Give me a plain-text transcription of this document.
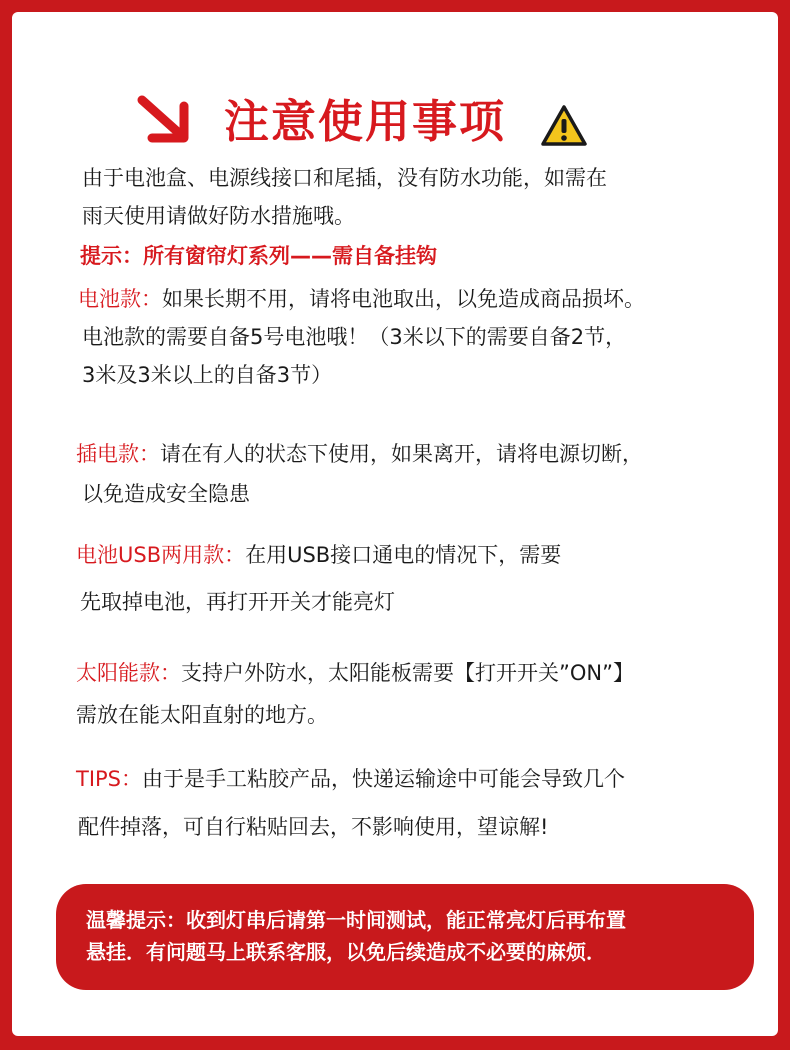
注意使用事项
由于电池盒、电源线接口和尾插，没有防水功能，如需在
雨天使用请做好防水措施哦。
提示：所有窗帘灯系列——需自备挂钩
电池款：如果长期不用，请将电池取出，以免造成商品损坏。
电池款的需要自备5号电池哦！（3米以下的需要自备2节，
3米及3米以上的自备3节）
插电款：请在有人的状态下使用，如果离开，请将电源切断，
以免造成安全隐患
电池USB两用款：在用USB接口通电的情况下，需要
先取掉电池，再打开开关才能亮灯
太阳能款：支持户外防水，太阳能板需要【打开开关”ON”】
需放在能太阳直射的地方。
TIPS：由于是手工粘胶产品，快递运输途中可能会导致几个
配件掉落，可自行粘贴回去，不影响使用，望谅解!
温馨提示：收到灯串后请第一时间测试，能正常亮灯后再布置
悬挂．有问题马上联系客服，以免后续造成不必要的麻烦．
